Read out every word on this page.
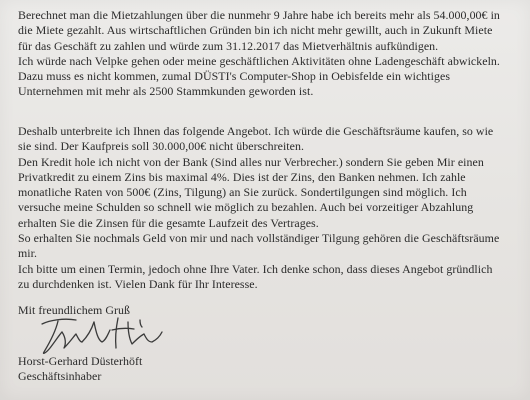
Berechnet man die Mietzahlungen über die nunmehr 9 Jahre habe ich bereits mehr als 54.000,00€ in
die Miete gezahlt. Aus wirtschaftlichen Gründen bin ich nicht mehr gewillt, auch in Zukunft Miete
für das Geschäft zu zahlen und würde zum 31.12.2017 das Mietverhältnis aufkündigen.
Ich würde nach Velpke gehen oder meine geschäftlichen Aktivitäten ohne Ladengeschäft abwickeln.
Dazu muss es nicht kommen, zumal DÜSTI's Computer-Shop in Oebisfelde ein wichtiges
Unternehmen mit mehr als 2500 Stammkunden geworden ist.
Deshalb unterbreite ich Ihnen das folgende Angebot. Ich würde die Geschäftsräume kaufen, so wie
sie sind. Der Kaufpreis soll 30.000,00€ nicht überschreiten.
Den Kredit hole ich nicht von der Bank (Sind alles nur Verbrecher.) sondern Sie geben Mir einen
Privatkredit zu einem Zins bis maximal 4%. Dies ist der Zins, den Banken nehmen. Ich zahle
monatliche Raten von 500€ (Zins, Tilgung) an Sie zurück. Sondertilgungen sind möglich. Ich
versuche meine Schulden so schnell wie möglich zu bezahlen. Auch bei vorzeitiger Abzahlung
erhalten Sie die Zinsen für die gesamte Laufzeit des Vertrages.
So erhalten Sie nochmals Geld von mir und nach vollständiger Tilgung gehören die Geschäftsräume
mir.
Ich bitte um einen Termin, jedoch ohne Ihre Vater. Ich denke schon, dass dieses Angebot gründlich
zu durchdenken ist. Vielen Dank für Ihr Interesse.
Mit freundlichem Gruß
Horst-Gerhard Düsterhöft
Geschäftsinhaber
